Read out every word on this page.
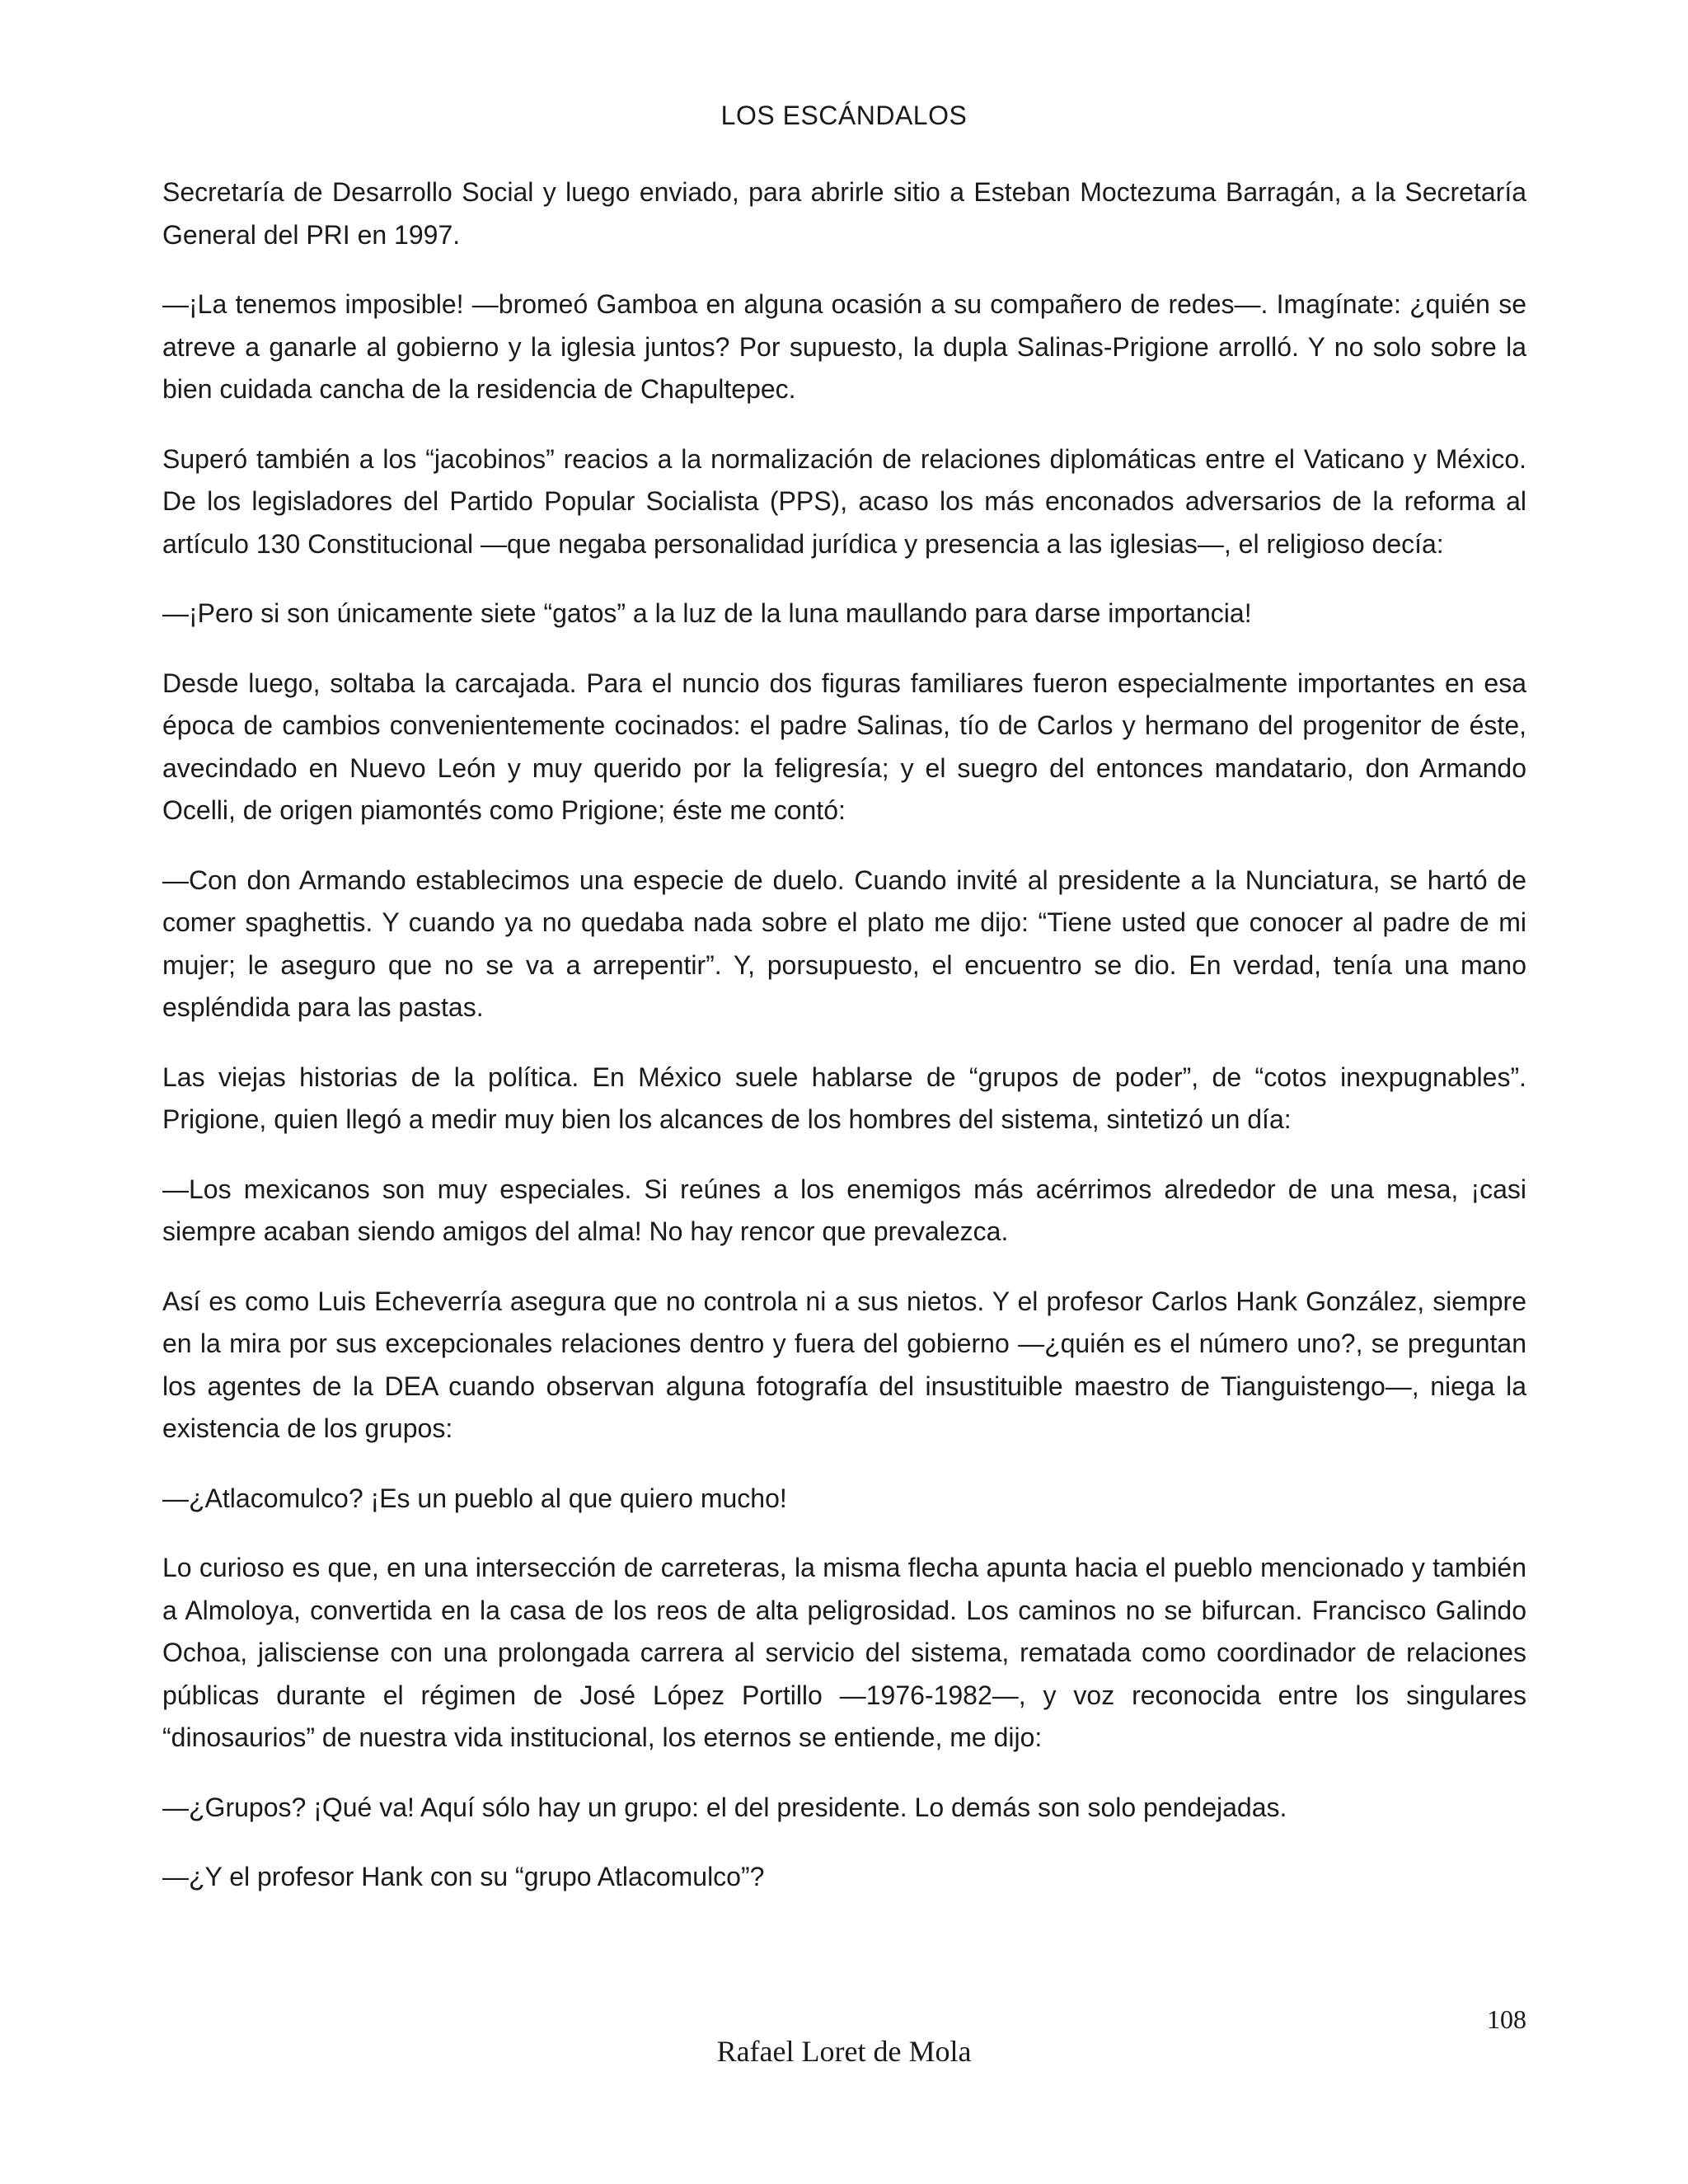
LOS ESCÁNDALOS

Secretaría de Desarrollo Social y luego enviado, para abrirle sitio a Esteban Moctezuma Barragán, a la Secretaría General del PRI en 1997.

—¡La tenemos imposible! —bromeó Gamboa en alguna ocasión a su compañero de redes—. Imagínate: ¿quién se atreve a ganarle al gobierno y la iglesia juntos? Por supuesto, la dupla Salinas-Prigione arrolló. Y no solo sobre la bien cuidada cancha de la residencia de Chapultepec.

Superó también a los “jacobinos” reacios a la normalización de relaciones diplomáticas entre el Vaticano y México. De los legisladores del Partido Popular Socialista (PPS), acaso los más enconados adversarios de la reforma al artículo 130 Constitucional —que negaba personalidad jurídica y presencia a las iglesias—, el religioso decía:

—¡Pero si son únicamente siete “gatos” a la luz de la luna maullando para darse importancia!

Desde luego, soltaba la carcajada. Para el nuncio dos figuras familiares fueron especialmente importantes en esa época de cambios convenientemente cocinados: el padre Salinas, tío de Carlos y hermano del progenitor de éste, avecindado en Nuevo León y muy querido por la feligresía; y el suegro del entonces mandatario, don Armando Ocelli, de origen piamontés como Prigione; éste me contó:

—Con don Armando establecimos una especie de duelo. Cuando invité al presidente a la Nunciatura, se hartó de comer spaghettis. Y cuando ya no quedaba nada sobre el plato me dijo: “Tiene usted que conocer al padre de mi mujer; le aseguro que no se va a arrepentir”. Y, porsupuesto, el encuentro se dio. En verdad, tenía una mano espléndida para las pastas.

Las viejas historias de la política. En México suele hablarse de “grupos de poder”, de “cotos inexpugnables”. Prigione, quien llegó a medir muy bien los alcances de los hombres del sistema, sintetizó un día:

—Los mexicanos son muy especiales. Si reúnes a los enemigos más acérrimos alrededor de una mesa, ¡casi siempre acaban siendo amigos del alma! No hay rencor que prevalezca.

Así es como Luis Echeverría asegura que no controla ni a sus nietos. Y el profesor Carlos Hank González, siempre en la mira por sus excepcionales relaciones dentro y fuera del gobierno —¿quién es el número uno?, se preguntan los agentes de la DEA cuando observan alguna fotografía del insustituible maestro de Tianguistengo—, niega la existencia de los grupos:

—¿Atlacomulco? ¡Es un pueblo al que quiero mucho!

Lo curioso es que, en una intersección de carreteras, la misma flecha apunta hacia el pueblo mencionado y también a Almoloya, convertida en la casa de los reos de alta peligrosidad. Los caminos no se bifurcan. Francisco Galindo Ochoa, jalisciense con una prolongada carrera al servicio del sistema, rematada como coordinador de relaciones públicas durante el régimen de José López Portillo —1976-1982—, y voz reconocida entre los singulares “dinosaurios” de nuestra vida institucional, los eternos se entiende, me dijo:

—¿Grupos? ¡Qué va! Aquí sólo hay un grupo: el del presidente. Lo demás son solo pendejadas.

—¿Y el profesor Hank con su “grupo Atlacomulco”?

108
Rafael Loret de Mola
